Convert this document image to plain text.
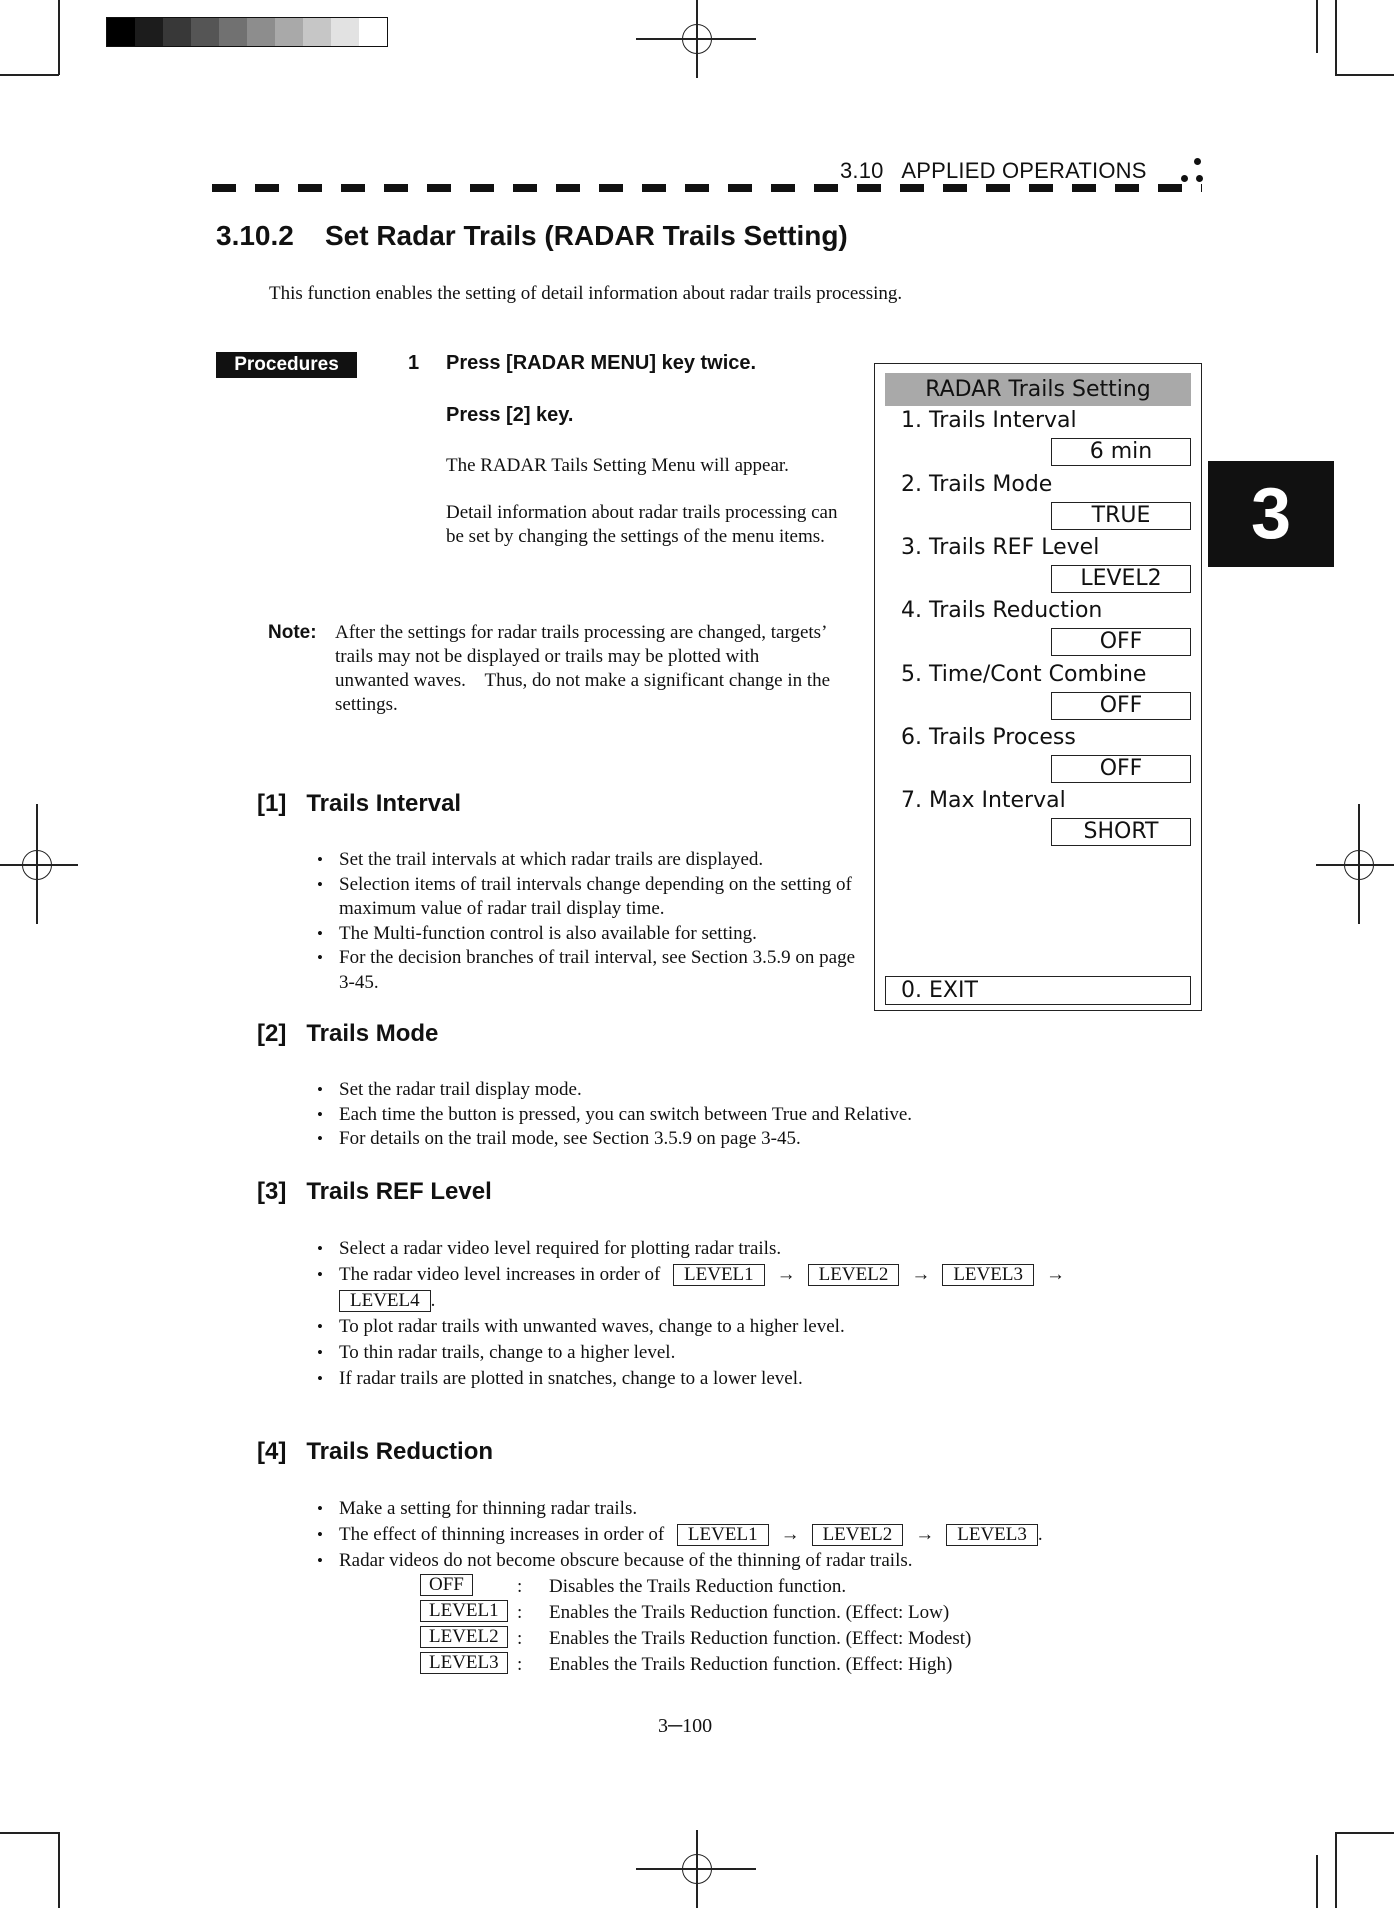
3.10   APPLIED OPERATIONS
3.10.2    Set Radar Trails (RADAR Trails Setting)

This function enables the setting of detail information about radar trails processing.

Procedures	1 Press [RADAR MENU] key twice.
Press [2] key.

The RADAR Tails Setting Menu will appear.

Detail information about radar trails processing can be set by changing the settings of the menu items.

Note: After the settings for radar trails processing are changed, targets’ trails may not be displayed or trails may be plotted with unwanted waves.    Thus, do not make a significant change in the settings.

RADAR Trails Setting
1. Trails Interval
6 min
2. Trails Mode
TRUE
3. Trails REF Level
LEVEL2
4. Trails Reduction
OFF
5. Time/Cont Combine
OFF
6. Trails Process
OFF
7. Max Interval
SHORT
0. EXIT
3
[1]   Trails Interval
• Set the trail intervals at which radar trails are displayed.
• Selection items of trail intervals change depending on the setting of maximum value of radar trail display time.
• The Multi-function control is also available for setting.
• For the decision branches of trail interval, see Section 3.5.9 on page 3-45.
[2]   Trails Mode
• Set the radar trail display mode.
• Each time the button is pressed, you can switch between True and Relative.
• For details on the trail mode, see Section 3.5.9 on page 3-45.
[3]   Trails REF Level
• Select a radar video level required for plotting radar trails.
• The radar video level increases in order of LEVEL1 → LEVEL2 → LEVEL3 →
LEVEL4 .
• To plot radar trails with unwanted waves, change to a higher level.
• To thin radar trails, change to a higher level.
• If radar trails are plotted in snatches, change to a lower level.
[4]   Trails Reduction
• Make a setting for thinning radar trails.
• The effect of thinning increases in order of LEVEL1 → LEVEL2 → LEVEL3 .
• Radar videos do not become obscure because of the thinning of radar trails.
OFF	: Disables the Trails Reduction function.
LEVEL1 : Enables the Trails Reduction function. (Effect: Low)
LEVEL2 : Enables the Trails Reduction function. (Effect: Modest)
LEVEL3 : Enables the Trails Reduction function. (Effect: High)
3─100
